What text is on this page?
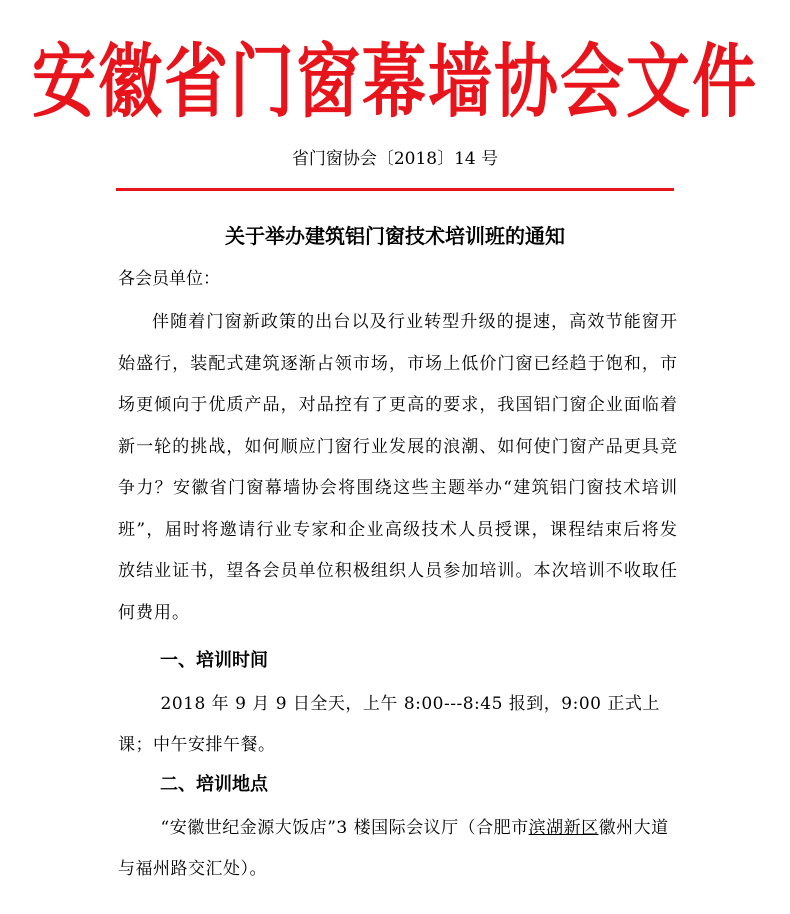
安徽省门窗幕墙协会文件
省门窗协会〔2018〕14 号
关于举办建筑铝门窗技术培训班的通知
各会员单位：
伴随着门窗新政策的出台以及行业转型升级的提速，高效节能窗开始盛行，装配式建筑逐渐占领市场，市场上低价门窗已经趋于饱和，市场更倾向于优质产品，对品控有了更高的要求，我国铝门窗企业面临着新一轮的挑战，如何顺应门窗行业发展的浪潮、如何使门窗产品更具竞争力？安徽省门窗幕墙协会将围绕这些主题举办“建筑铝门窗技术培训班”，届时将邀请行业专家和企业高级技术人员授课，课程结束后将发放结业证书，望各会员单位积极组织人员参加培训。本次培训不收取任何费用。
一、培训时间
2018 年 9 月 9 日全天，上午 8:00---8:45 报到，9:00 正式上课；中午安排午餐。
二、培训地点
“安徽世纪金源大饭店”3 楼国际会议厅（合肥市滨湖新区徽州大道与福州路交汇处）。
